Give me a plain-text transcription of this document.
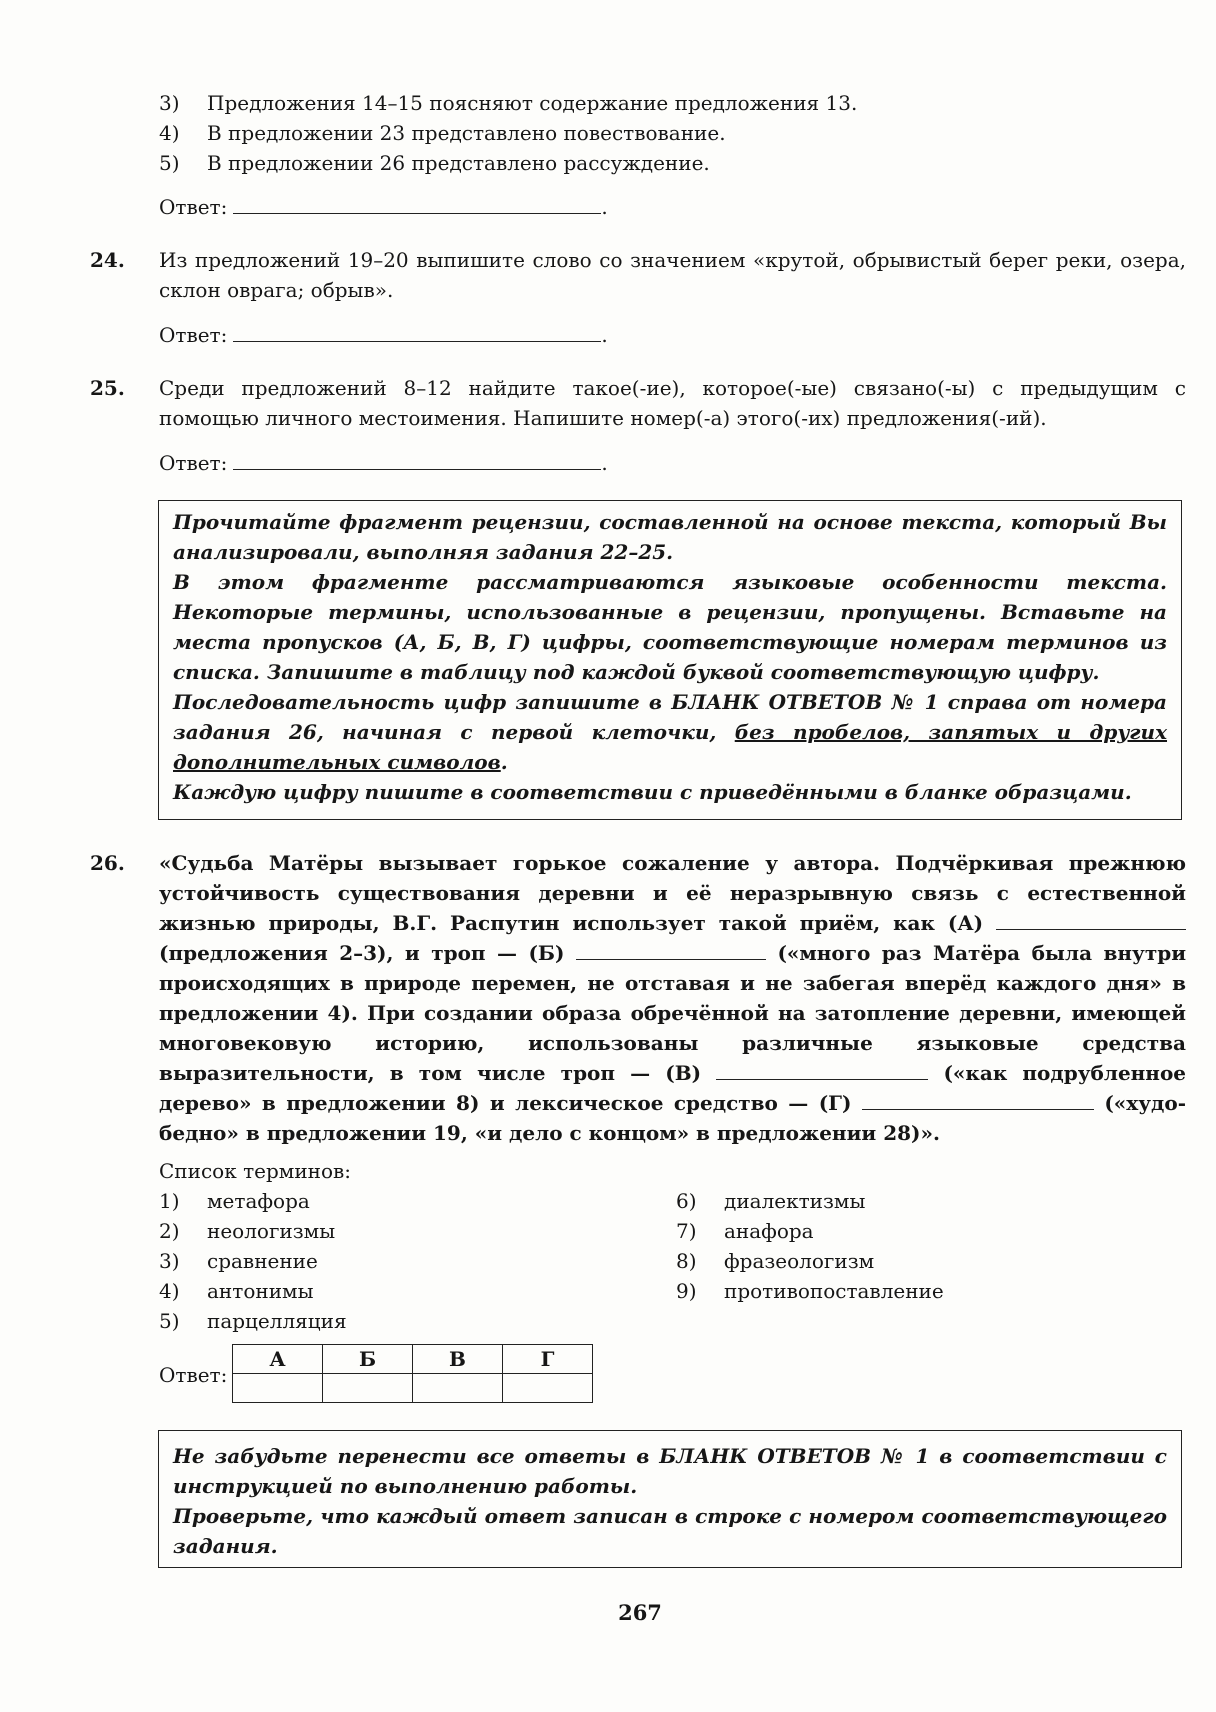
3)	Предложения 14–15 поясняют содержание предложения 13.
4)	В предложении 23 представлено повествование.
5)	В предложении 26 представлено рассуждение.
Ответ:	.
24. Из предложений 19–20 выпишите слово со значением «крутой, обрывистый берег реки, озера, склон оврага; обрыв».
Ответ:	.
25. Среди предложений 8–12 найдите такое(-ие), которое(-ые) связано(-ы) с предыдущим с помощью личного местоимения. Напишите номер(-а) этого(-их) предложения(-ий).
Ответ:	.

Прочитайте фрагмент рецензии, составленной на основе текста, который Вы анализировали, выполняя задания 22–25.

В этом фрагменте рассматриваются языковые особенности текста. Некоторые термины, использованные в рецензии, пропущены. Вставьте на места пропусков (А, Б, В, Г) цифры, соответствующие номерам терминов из списка. Запишите в таблицу под каждой буквой соответствующую цифру.

Последовательность цифр запишите в БЛАНК ОТВЕТОВ № 1 справа от номера задания 26, начиная с первой клеточки, без пробелов, запятых и других дополнительных символов.

Каждую цифру пишите в соответствии с приведёнными в бланке образцами.

26. «Судьба Матёры вызывает горькое сожаление у автора. Подчёркивая прежнюю устойчивость существования деревни и её неразрывную связь с естественной жизнью природы, В.Г. Распутин использует такой приём, как (А)  (предложения 2–3), и троп — (Б)	(«много раз Матёра была внутри происходящих в природе перемен, не отставая и не забегая вперёд каждого дня» в предложении 4). При создании образа обречённой на затопление деревни, имеющей многовековую историю, использованы различные языковые средства выразительности, в том числе троп — (В)	(«как подрубленное дерево» в предложении 8) и лексическое средство — (Г)	(«худо-бедно» в предложении 19, «и дело с концом» в предложении 28)».
Список терминов:
1) метафора
2) неологизмы
3) сравнение
4) антонимы
5) парцелляция
6) диалектизмы
7) анафора
8) фразеологизм
9) противопоставление
Ответ:
А	Б	В	Г

Не забудьте перенести все ответы в БЛАНК ОТВЕТОВ № 1 в соответствии с инструкцией по выполнению работы.

Проверьте, что каждый ответ записан в строке с номером соответствующего задания.

267
